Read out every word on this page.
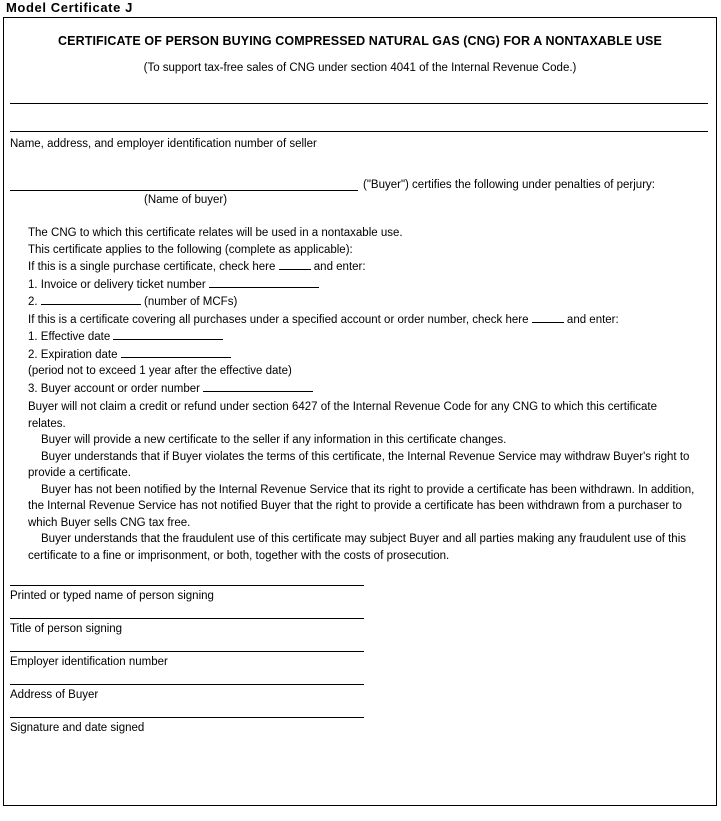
Model Certificate J
CERTIFICATE OF PERSON BUYING COMPRESSED NATURAL GAS (CNG) FOR A NONTAXABLE USE
(To support tax-free sales of CNG under section 4041 of the Internal Revenue Code.)
Name, address, and employer identification number of seller
("Buyer") certifies the following under penalties of perjury:
(Name of buyer)

The CNG to which this certificate relates will be used in a nontaxable use.

This certificate applies to the following (complete as applicable):

If this is a single purchase certificate, check here	and enter:

1. Invoice or delivery ticket number

2.	(number of MCFs)

If this is a certificate covering all purchases under a specified account or order number, check here	and enter:

1. Effective date

2. Expiration date

(period not to exceed 1 year after the effective date)

3. Buyer account or order number

Buyer will not claim a credit or refund under section 6427 of the Internal Revenue Code for any CNG to which this certificate relates.

Buyer will provide a new certificate to the seller if any information in this certificate changes.

Buyer understands that if Buyer violates the terms of this certificate, the Internal Revenue Service may withdraw Buyer's right to provide a certificate.

Buyer has not been notified by the Internal Revenue Service that its right to provide a certificate has been withdrawn. In addition, the Internal Revenue Service has not notified Buyer that the right to provide a certificate has been withdrawn from a purchaser to which Buyer sells CNG tax free.

Buyer understands that the fraudulent use of this certificate may subject Buyer and all parties making any fraudulent use of this certificate to a fine or imprisonment, or both, together with the costs of prosecution.

Printed or typed name of person signing
Title of person signing
Employer identification number
Address of Buyer
Signature and date signed
